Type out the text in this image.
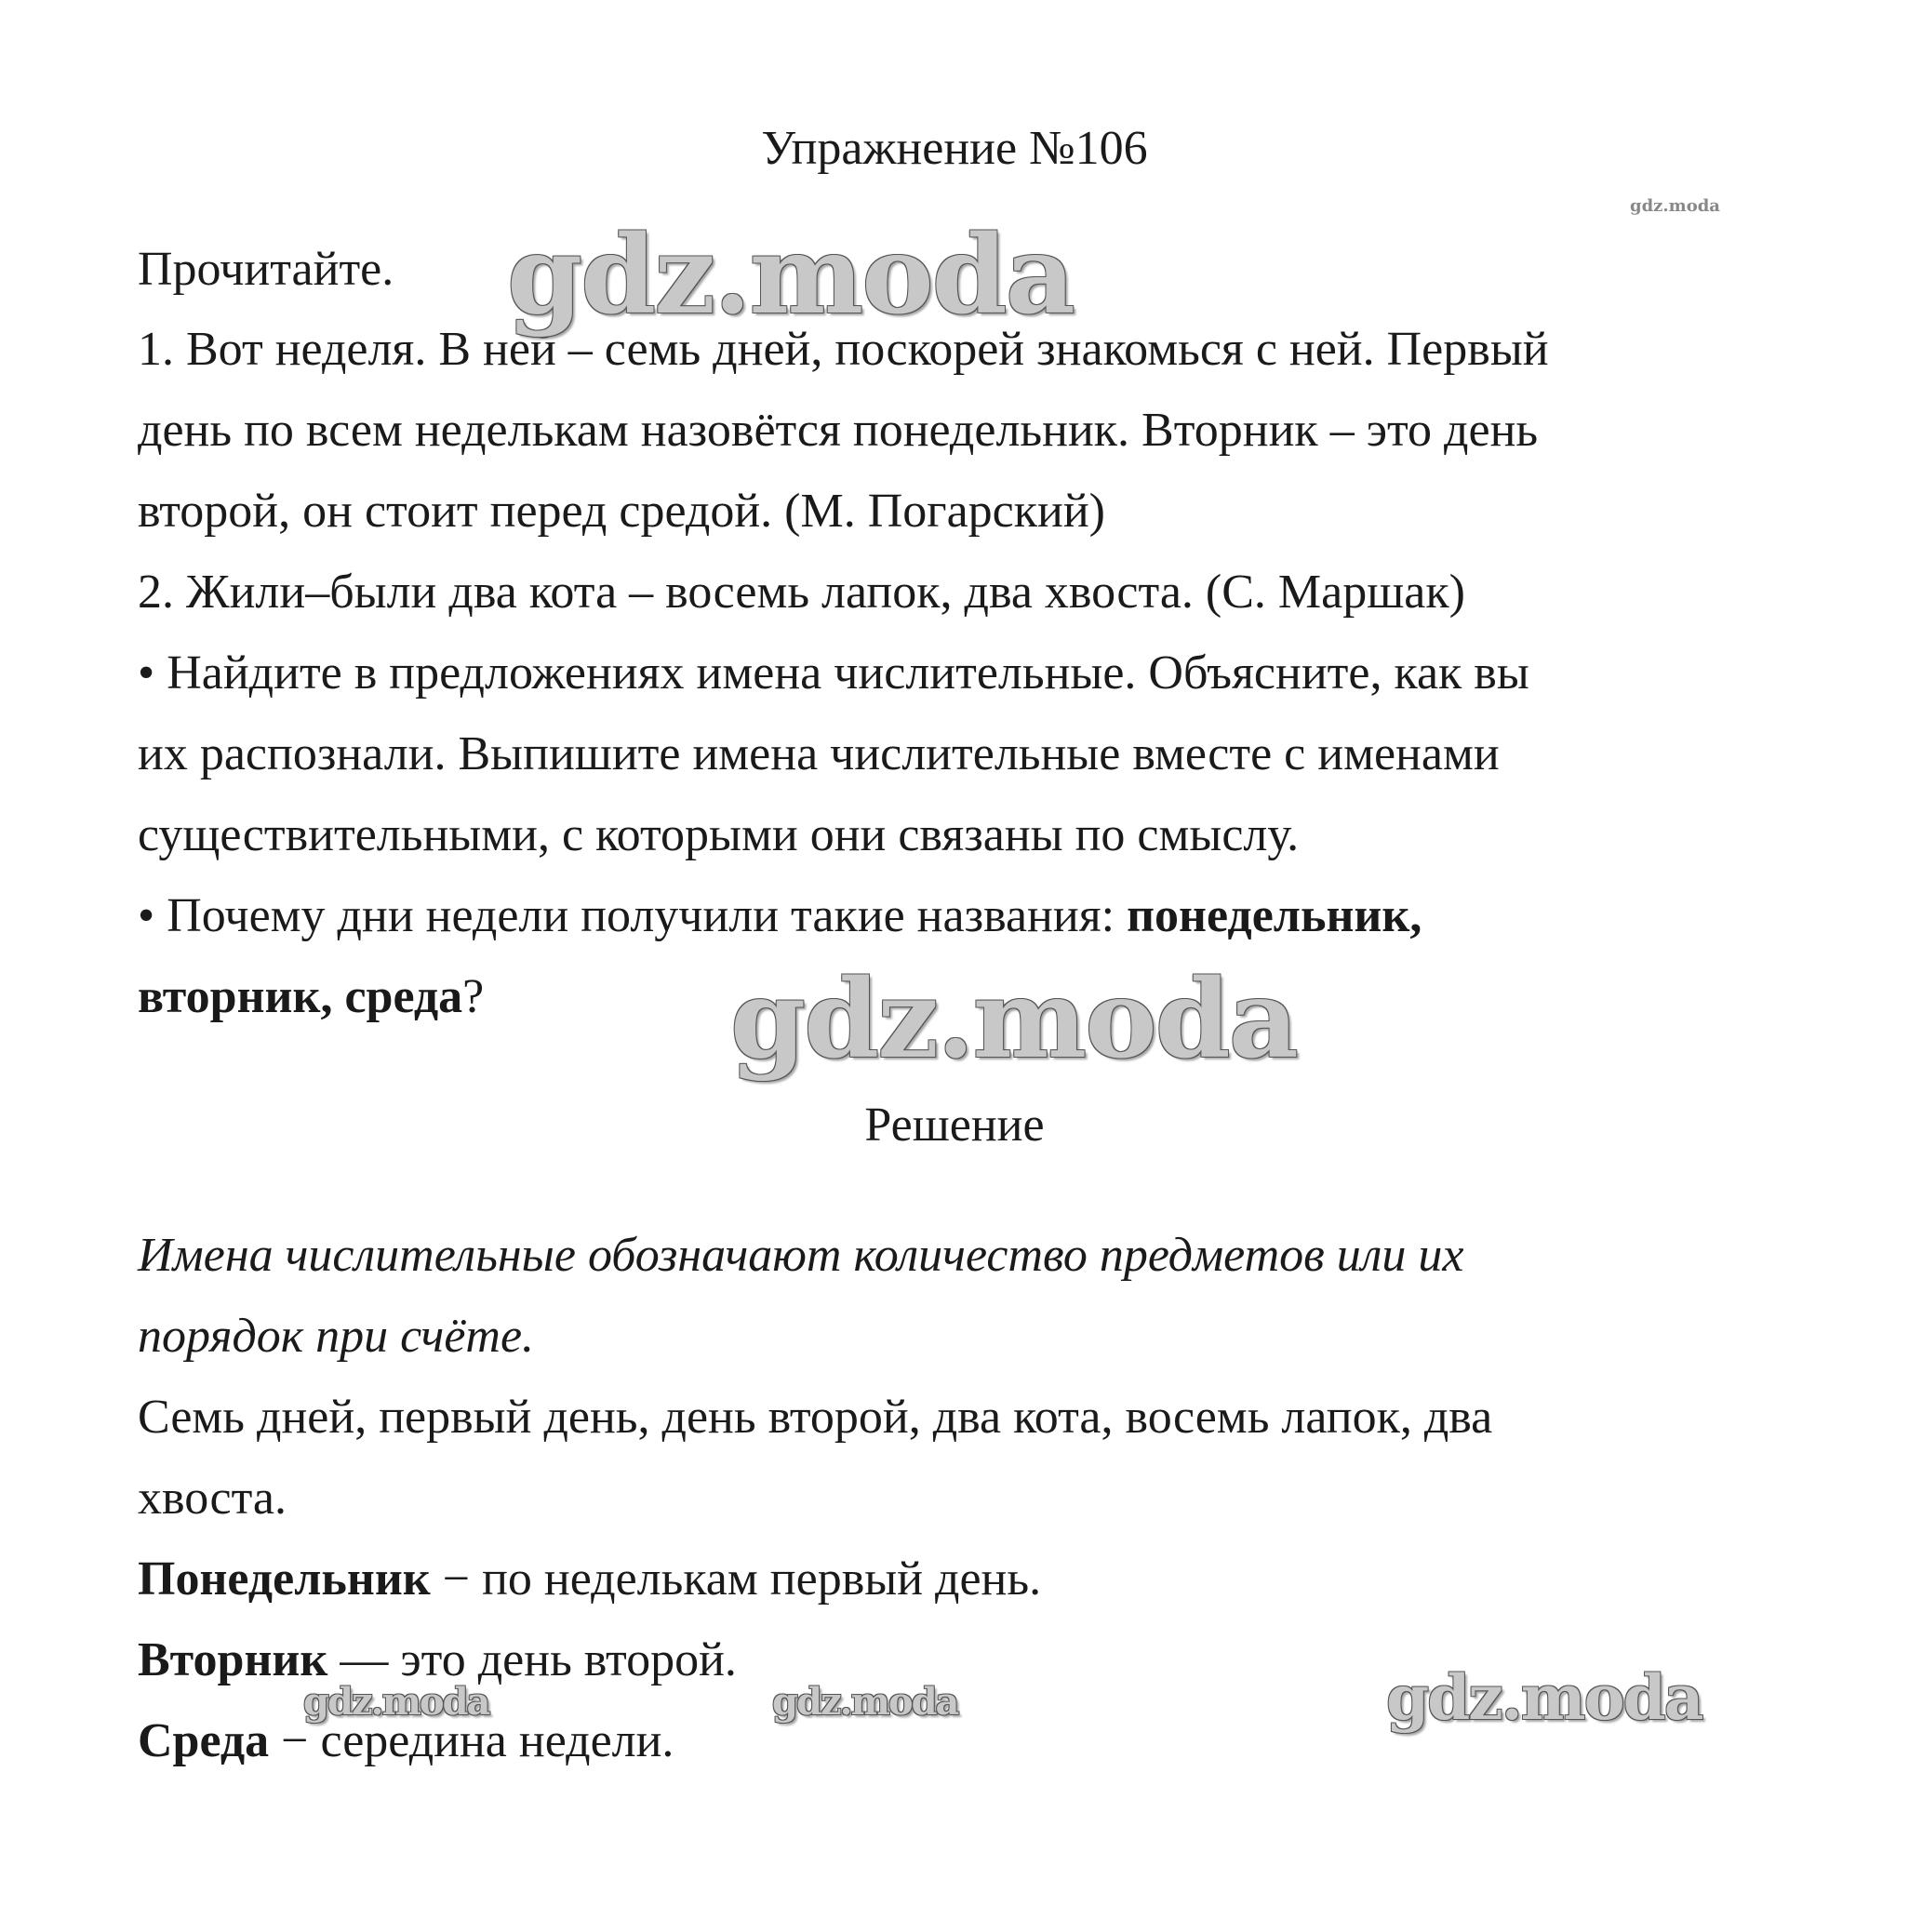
Упражнение №106

Прочитайте.

1. Вот неделя. В ней – семь дней, поскорей знакомься с ней. Первый

день по всем неделькам назовётся понедельник. Вторник – это день

второй, он стоит перед средой. (М. Погарский)

2. Жили–были два кота – восемь лапок, два хвоста. (С. Маршак)

• Найдите в предложениях имена числительные. Объясните, как вы

их распознали. Выпишите имена числительные вместе с именами

существительными, с которыми они связаны по смыслу.

• Почему дни недели получили такие названия: понедельник,

вторник, среда?

Решение

Имена числительные обозначают количество предметов или их

порядок при счёте.

Семь дней, первый день, день второй, два кота, восемь лапок, два

хвоста.

Понедельник − по неделькам первый день.

Вторник — это день второй.

Среда − середина недели.

gdz.moda
gdz.moda
gdz.moda
gdz.moda
gdz.moda	gdz.moda
